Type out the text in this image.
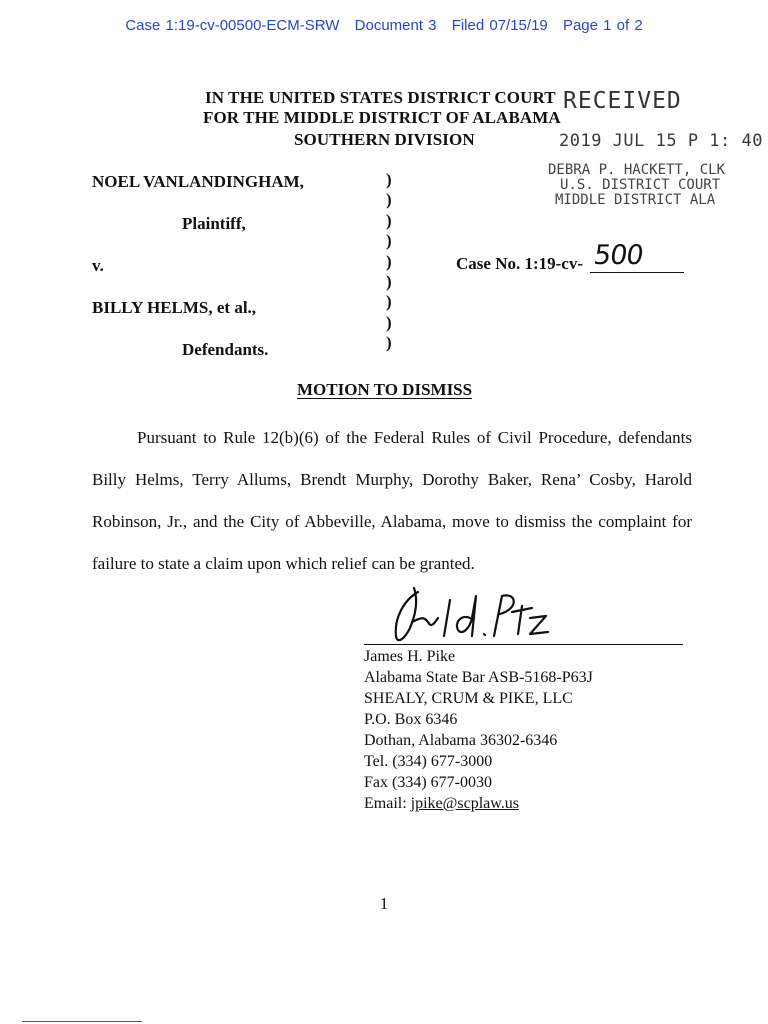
Case 1:19-cv-00500-ECM-SRW Document 3 Filed 07/15/19 Page 1 of 2
IN THE UNITED STATES DISTRICT COURT
FOR THE MIDDLE DISTRICT OF ALABAMA
SOUTHERN DIVISION
RECEIVED
2019 JUL 15 P 1: 40
DEBRA P. HACKETT, CLK
U.S. DISTRICT COURT
MIDDLE DISTRICT ALA
NOEL VANLANDINGHAM,
Plaintiff,
v.
BILLY HELMS, et al.,
Defendants.
)
)
)
)
)
)
)
)
)
Case No. 1:19-cv- 500
MOTION TO DISMISS
Pursuant to Rule 12(b)(6) of the Federal Rules of Civil Procedure, defendants Billy Helms, Terry Allums, Brendt Murphy, Dorothy Baker, Rena’ Cosby, Harold Robinson, Jr., and the City of Abbeville, Alabama, move to dismiss the complaint for failure to state a claim upon which relief can be granted.
James H. Pike
Alabama State Bar ASB-5168-P63J
SHEALY, CRUM & PIKE, LLC
P.O. Box 6346
Dothan, Alabama 36302-6346
Tel. (334) 677-3000
Fax (334) 677-0030
Email: jpike@scplaw.us
1
